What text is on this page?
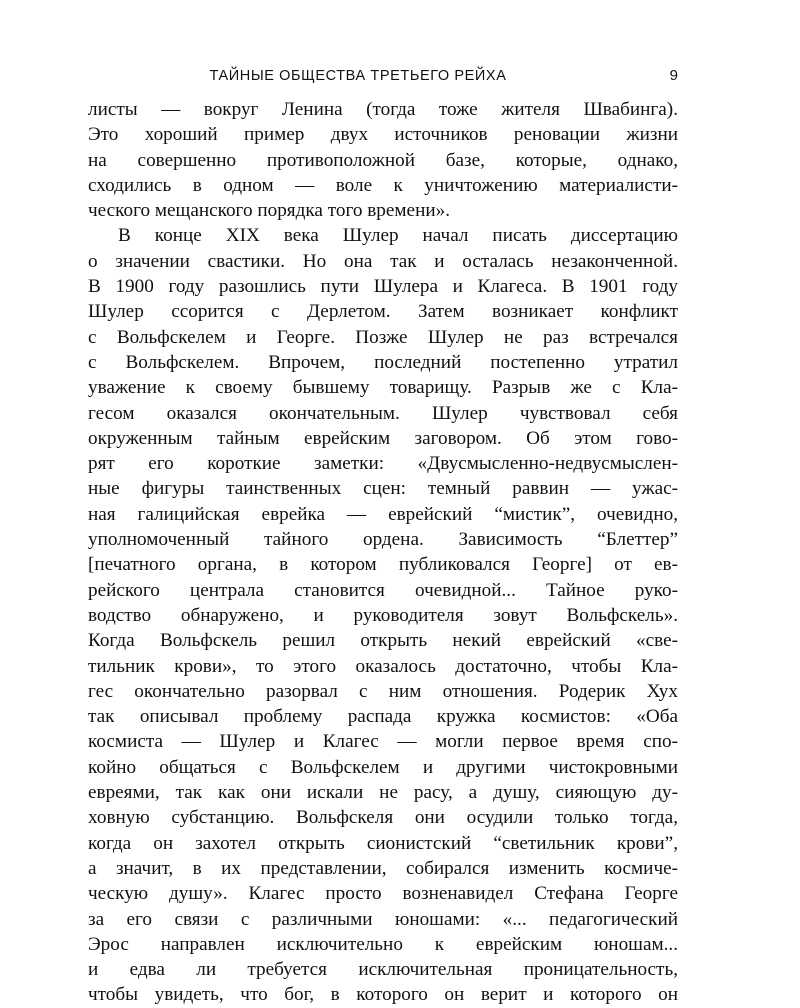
ТАЙНЫЕ ОБЩЕСТВА ТРЕТЬЕГО РЕЙХА	9
листы — вокруг Ленина (тогда тоже жителя Швабинга).
Это хороший пример двух источников реновации жизни
на совершенно противоположной базе, которые, однако,
сходились в одном — воле к уничтожению материалисти-
ческого мещанского порядка того времени».
В конце XIX века Шулер начал писать диссертацию
о значении свастики. Но она так и осталась незаконченной.
В 1900 году разошлись пути Шулера и Клагеса. В 1901 году
Шулер ссорится с Дерлетом. Затем возникает конфликт
с Вольфскелем и Георге. Позже Шулер не раз встречался
с Вольфскелем. Впрочем, последний постепенно утратил
уважение к своему бывшему товарищу. Разрыв же с Кла-
гесом оказался окончательным. Шулер чувствовал себя
окруженным тайным еврейским заговором. Об этом гово-
рят его короткие заметки: «Двусмысленно-недвусмыслен-
ные фигуры таинственных сцен: темный раввин — ужас-
ная галицийская еврейка — еврейский “мистик”, очевидно,
уполномоченный тайного ордена. Зависимость “Блеттер”
[печатного органа, в котором публиковался Георге] от ев-
рейского централа становится очевидной... Тайное руко-
водство обнаружено, и руководителя зовут Вольфскель».
Когда Вольфскель решил открыть некий еврейский «све-
тильник крови», то этого оказалось достаточно, чтобы Кла-
гес окончательно разорвал с ним отношения. Родерик Хух
так описывал проблему распада кружка космистов: «Оба
космиста — Шулер и Клагес — могли первое время спо-
койно общаться с Вольфскелем и другими чистокровными
евреями, так как они искали не расу, а душу, сияющую ду-
ховную субстанцию. Вольфскеля они осудили только тогда,
когда он захотел открыть сионистский “светильник крови”,
а значит, в их представлении, собирался изменить космиче-
ческую душу». Клагес просто возненавидел Стефана Георге
за его связи с различными юношами: «... педагогический
Эрос направлен исключительно к еврейским юношам...
и едва ли требуется исключительная проницательность,
чтобы увидеть, что бог, в которого он верит и которого он
